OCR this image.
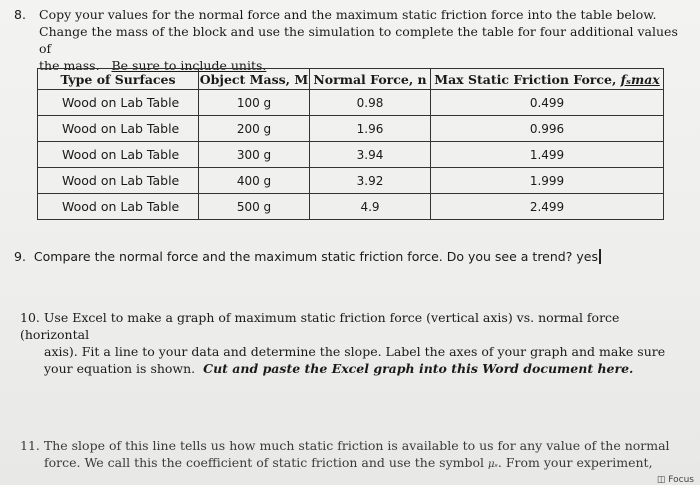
8. Copy your values for the normal force and the maximum static friction force into the table below.
Change the mass of the block and use the simulation to complete the table for four additional values of
the mass. Be sure to include units.
Type of Surfaces	Object Mass, M	Normal Force, n	Max Static Friction Force, fₛmax
Wood on Lab Table	100 g	0.98	0.499
Wood on Lab Table	200 g	1.96	0.996
Wood on Lab Table	300 g	3.94	1.499
Wood on Lab Table	400 g	3.92	1.999
Wood on Lab Table	500 g	4.9	2.499
9. Compare the normal force and the maximum static friction force. Do you see a trend? yes
10. Use Excel to make a graph of maximum static friction force (vertical axis) vs. normal force (horizontal
axis). Fit a line to your data and determine the slope. Label the axes of your graph and make sure
your equation is shown. Cut and paste the Excel graph into this Word document here.
11. The slope of this line tells us how much static friction is available to us for any value of the normal
force. We call this the coefficient of static friction and use the symbol μₛ. From your experiment,
◫ Focus
